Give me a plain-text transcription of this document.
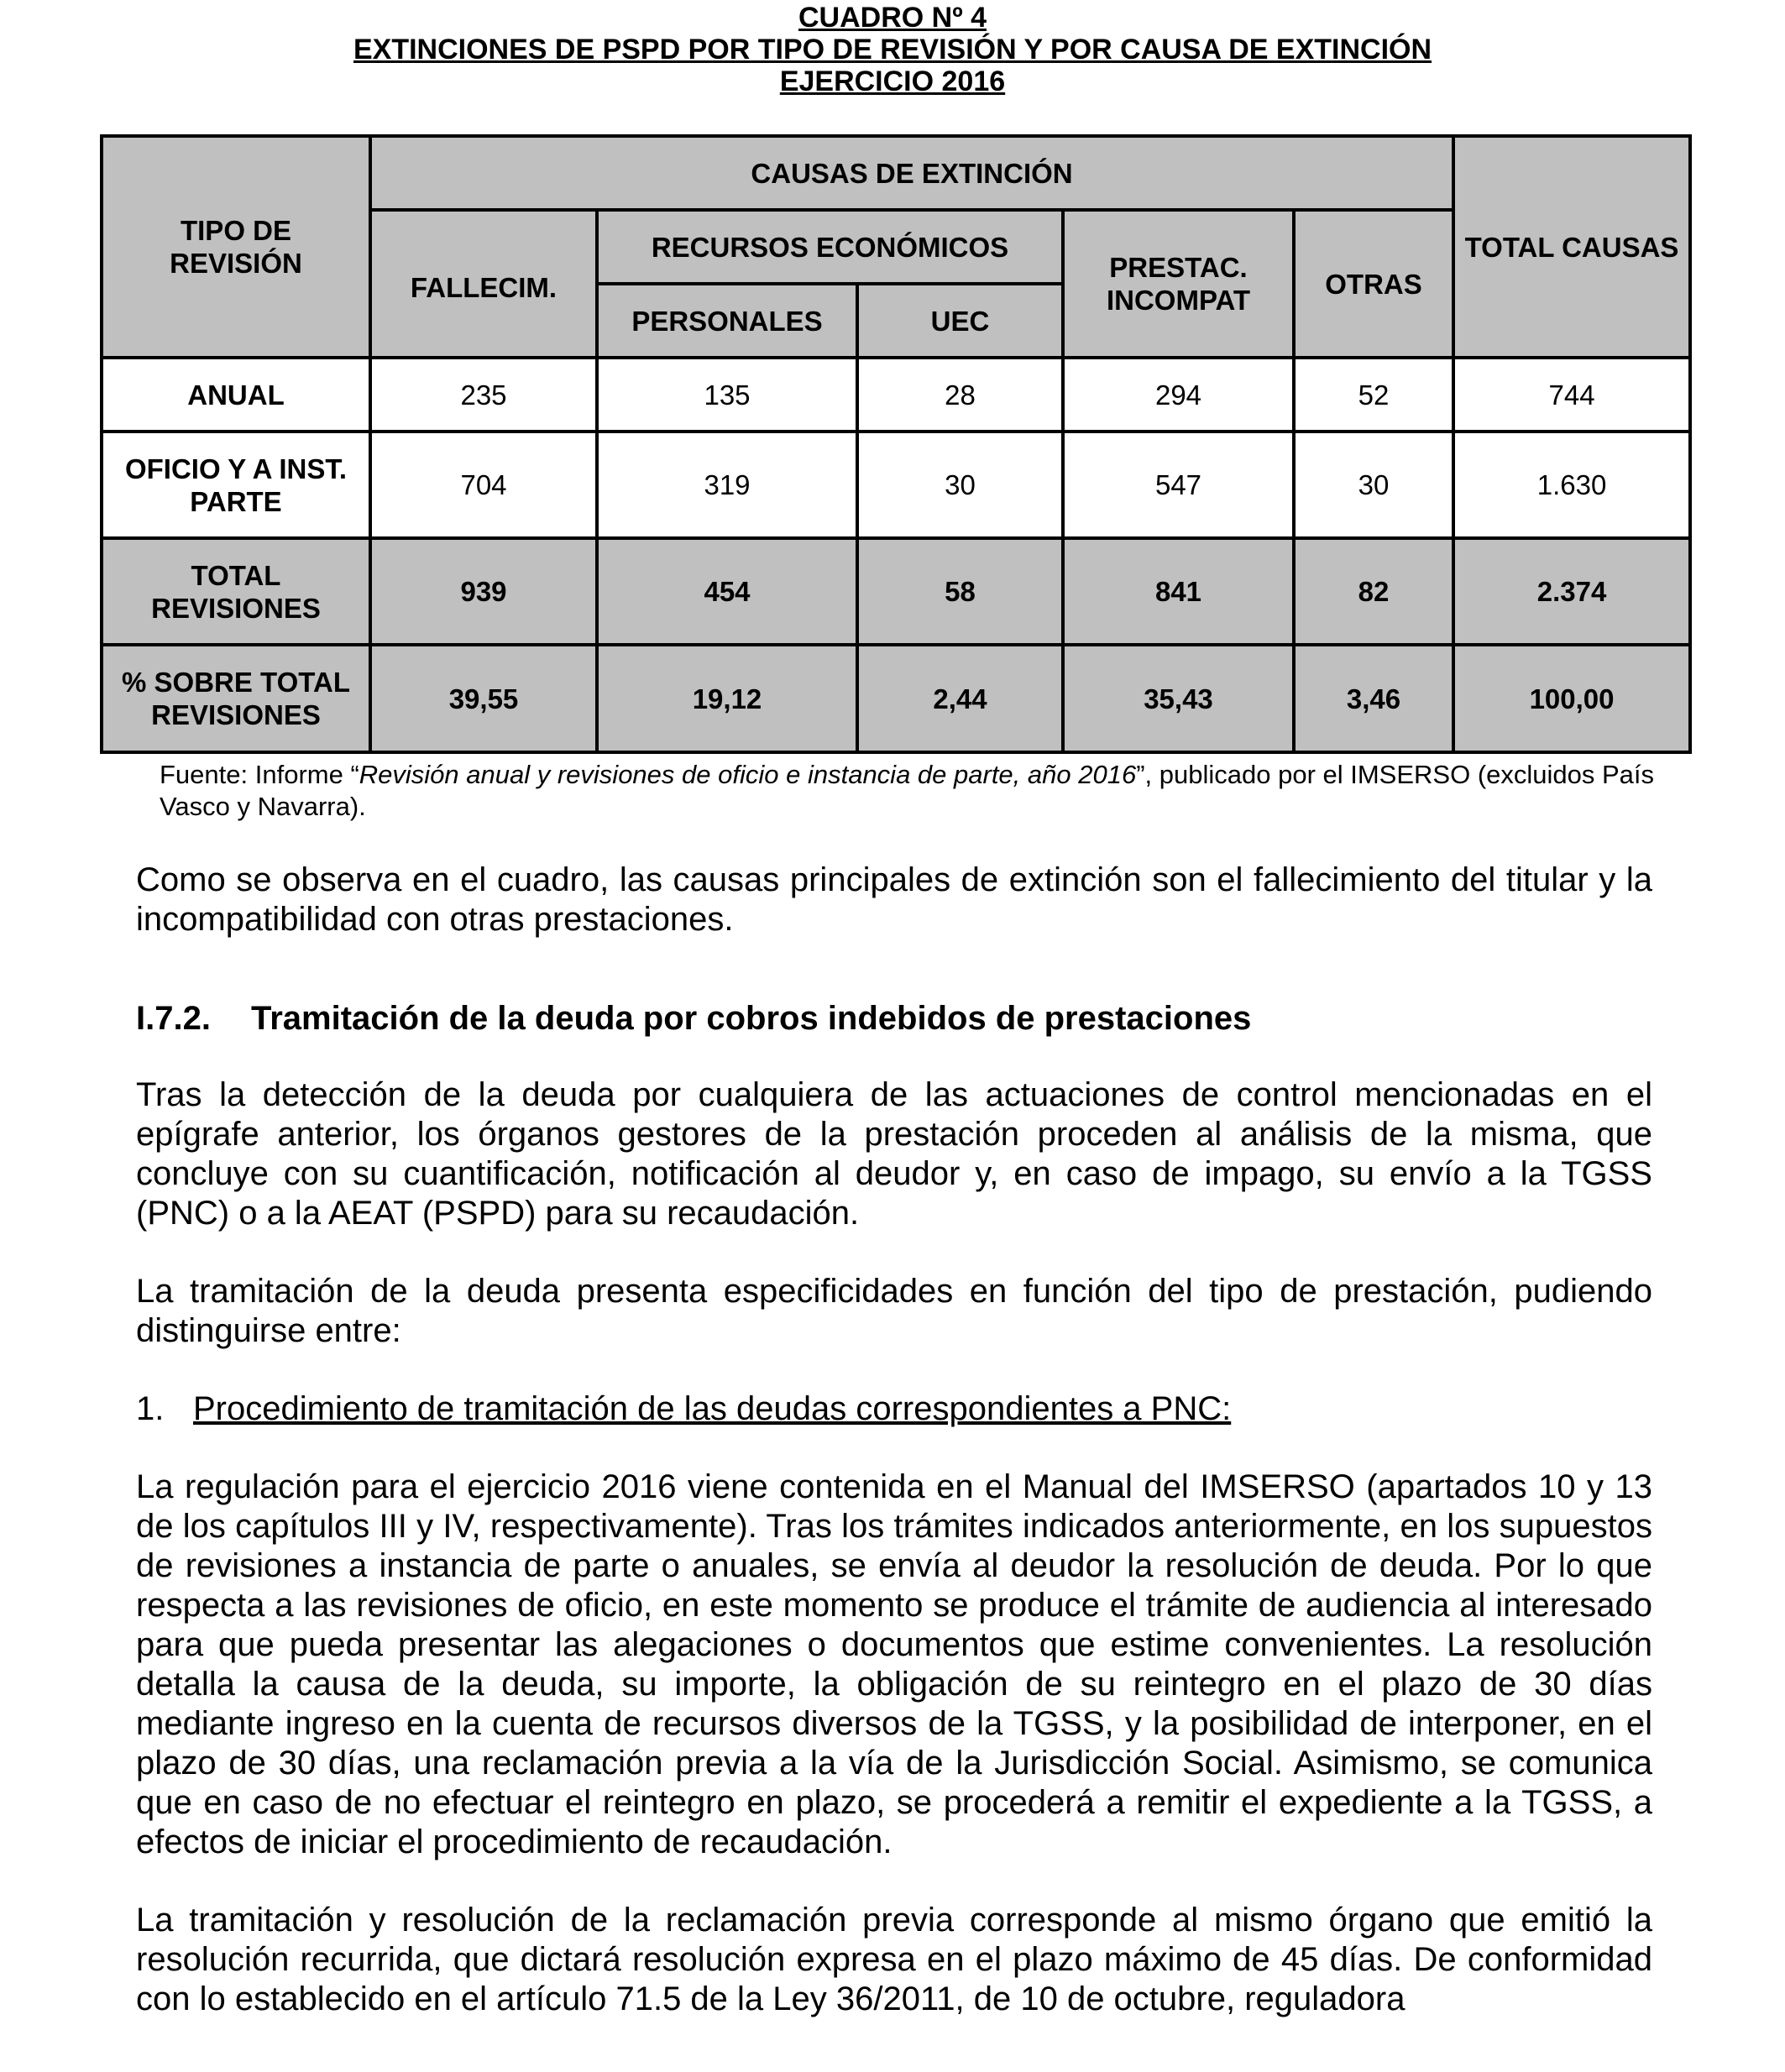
CUADRO Nº 4
EXTINCIONES DE PSPD POR TIPO DE REVISIÓN Y POR CAUSA DE EXTINCIÓN
EJERCICIO 2016
TIPO DE REVISIÓN	CAUSAS DE EXTINCIÓN					TOTAL CAUSAS
	FALLECIM.	RECURSOS ECONÓMICOS		PRESTAC. INCOMPAT	OTRAS	
		PERSONALES	UEC			
ANUAL	235	135	28	294	52	744
OFICIO Y A INST. PARTE	704	319	30	547	30	1.630
TOTAL REVISIONES	939	454	58	841	82	2.374
% SOBRE TOTAL REVISIONES	39,55	19,12	2,44	35,43	3,46	100,00
Fuente: Informe “Revisión anual y revisiones de oficio e instancia de parte, año 2016”, publicado por el IMSERSO (excluidos País Vasco y Navarra).

Como se observa en el cuadro, las causas principales de extinción son el fallecimiento del titular y la incompatibilidad con otras prestaciones.

I.7.2. Tramitación de la deuda por cobros indebidos de prestaciones

Tras la detección de la deuda por cualquiera de las actuaciones de control mencionadas en el epígrafe anterior, los órganos gestores de la prestación proceden al análisis de la misma, que concluye con su cuantificación, notificación al deudor y, en caso de impago, su envío a la TGSS (PNC) o a la AEAT (PSPD) para su recaudación.

La tramitación de la deuda presenta especificidades en función del tipo de prestación, pudiendo distinguirse entre:

1. Procedimiento de tramitación de las deudas correspondientes a PNC:

La regulación para el ejercicio 2016 viene contenida en el Manual del IMSERSO (apartados 10 y 13 de los capítulos III y IV, respectivamente). Tras los trámites indicados anteriormente, en los supuestos de revisiones a instancia de parte o anuales, se envía al deudor la resolución de deuda. Por lo que respecta a las revisiones de oficio, en este momento se produce el trámite de audiencia al interesado para que pueda presentar las alegaciones o documentos que estime convenientes. La resolución detalla la causa de la deuda, su importe, la obligación de su reintegro en el plazo de 30 días mediante ingreso en la cuenta de recursos diversos de la TGSS, y la posibilidad de interponer, en el plazo de 30 días, una reclamación previa a la vía de la Jurisdicción Social. Asimismo, se comunica que en caso de no efectuar el reintegro en plazo, se procederá a remitir el expediente a la TGSS, a efectos de iniciar el procedimiento de recaudación.

La tramitación y resolución de la reclamación previa corresponde al mismo órgano que emitió la resolución recurrida, que dictará resolución expresa en el plazo máximo de 45 días. De conformidad con lo establecido en el artículo 71.5 de la Ley 36/2011, de 10 de octubre, reguladora
